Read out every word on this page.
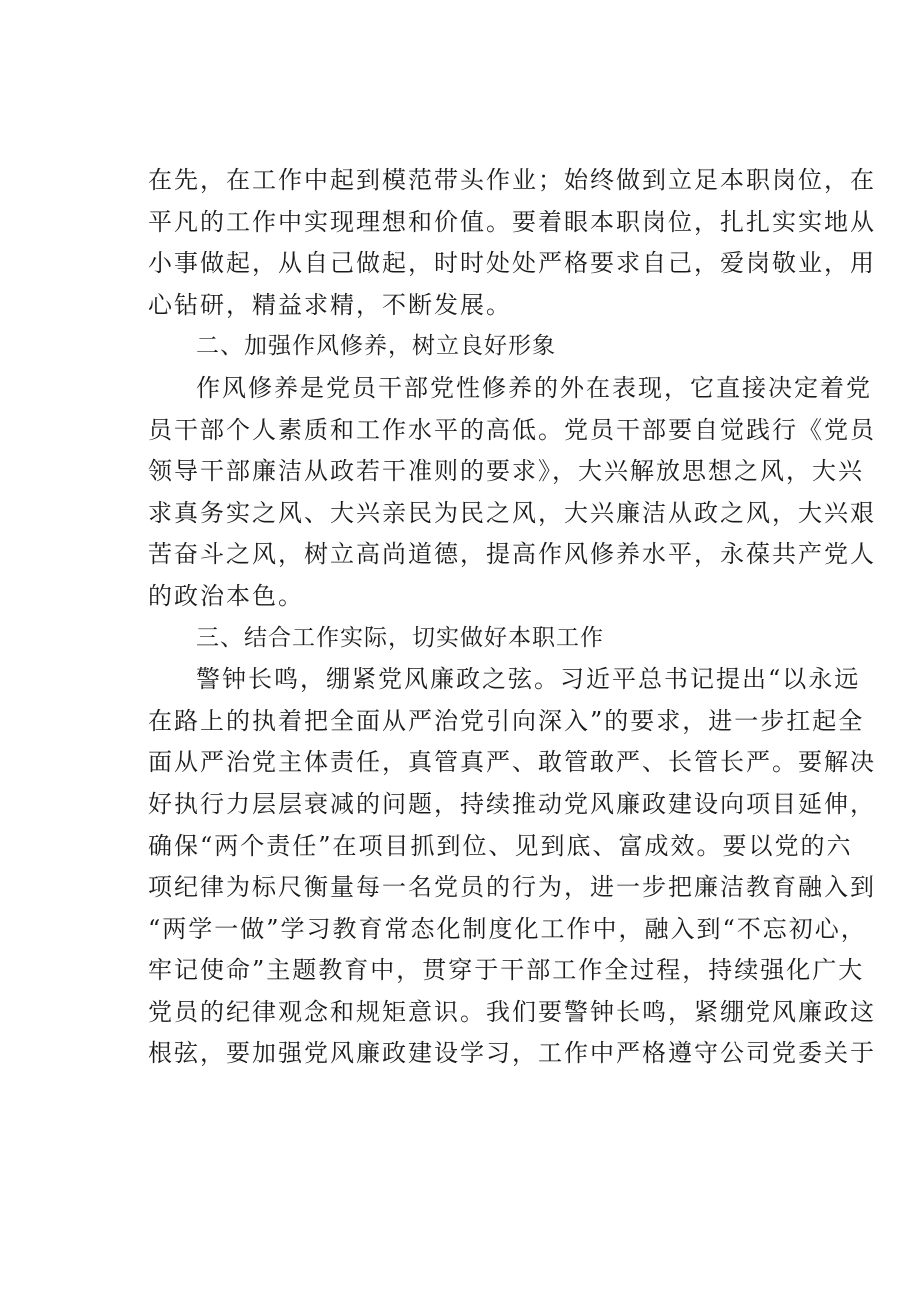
在先，在工作中起到模范带头作业；始终做到立足本职岗位，在
平凡的工作中实现理想和价值。要着眼本职岗位，扎扎实实地从
小事做起，从自己做起，时时处处严格要求自己，爱岗敬业，用
心钻研，精益求精，不断发展。
二、加强作风修养，树立良好形象
作风修养是党员干部党性修养的外在表现，它直接决定着党
员干部个人素质和工作水平的高低。党员干部要自觉践行《党员
领导干部廉洁从政若干准则的要求》，大兴解放思想之风，大兴
求真务实之风、大兴亲民为民之风，大兴廉洁从政之风，大兴艰
苦奋斗之风，树立高尚道德，提高作风修养水平，永葆共产党人
的政治本色。
三、结合工作实际，切实做好本职工作
警钟长鸣，绷紧党风廉政之弦。习近平总书记提出“以永远
在路上的执着把全面从严治党引向深入”的要求，进一步扛起全
面从严治党主体责任，真管真严、敢管敢严、长管长严。要解决
好执行力层层衰减的问题，持续推动党风廉政建设向项目延伸，
确保“两个责任”在项目抓到位、见到底、富成效。要以党的六
项纪律为标尺衡量每一名党员的行为，进一步把廉洁教育融入到
“两学一做”学习教育常态化制度化工作中，融入到“不忘初心，
牢记使命”主题教育中，贯穿于干部工作全过程，持续强化广大
党员的纪律观念和规矩意识。我们要警钟长鸣，紧绷党风廉政这
根弦，要加强党风廉政建设学习，工作中严格遵守公司党委关于
